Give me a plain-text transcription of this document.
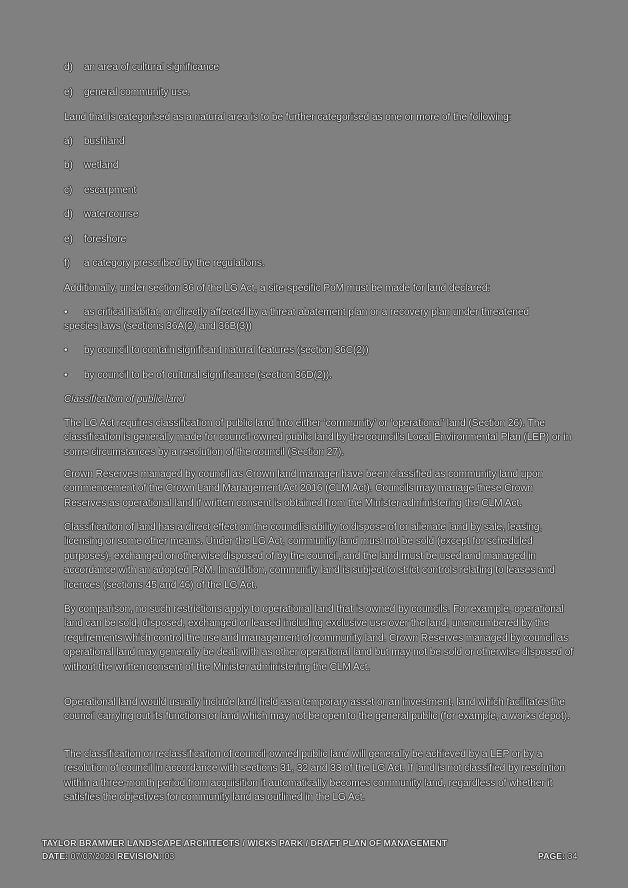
d) an area of cultural significance
e) general community use.
Land that is categorised as a natural area is to be further categorised as one or more of the following:
a) bushland
b) wetland
c) escarpment
d) watercourse
e) foreshore
f) a category prescribed by the regulations.
Additionally, under section 36 of the LG Act, a site-specific PoM must be made for land declared:
• as critical habitat, or directly affected by a threat abatement plan or a recovery plan under threatened
species laws (sections 36A(2) and 36B(3))
• by council to contain significant natural features (section 36C(2))
• by council to be of cultural significance (section 36D(2)).
Classification of public land
The LG Act requires classification of public land into either ‘community’ or ‘operational’ land (Section 26). The classification is generally made for council-owned public land by the council’s Local Environmental Plan (LEP) or in some circumstances by a resolution of the council (Section 27).
Crown Reserves managed by council as Crown land manager have been classified as community land upon commencement of the Crown Land Management Act 2016 (CLM Act). Councils may manage these Crown Reserves as operational land if written consent is obtained from the Minister administering the CLM Act.
Classification of land has a direct effect on the council’s ability to dispose of or alienate land by sale, leasing, licensing or some other means. Under the LG Act, community land must not be sold (except for scheduled purposes), exchanged or otherwise disposed of by the council, and the land must be used and managed in accordance with an adopted PoM. In addition, community land is subject to strict controls relating to leases and licences (sections 45 and 46) of the LG Act.
By comparison, no such restrictions apply to operational land that is owned by councils. For example, operational land can be sold, disposed, exchanged or leased including exclusive use over the land, unencumbered by the requirements which control the use and management of community land. Crown Reserves managed by council as operational land may generally be dealt with as other operational land but may not be sold or otherwise disposed of without the written consent of the Minister administering the CLM Act.
Operational land would usually include land held as a temporary asset or an investment, land which facilitates the council carrying out its functions or land which may not be open to the general public (for example, a works depot).
The classification or reclassification of council-owned public land will generally be achieved by a LEP or by a resolution of council in accordance with sections 31, 32 and 33 of the LG Act. If land is not classified by resolution within a three-month period from acquisition it automatically becomes community land, regardless of whether it satisfies the objectives for community land as outlined in the LG Act.
TAYLOR BRAMMER LANDSCAPE ARCHITECTS / WICKS PARK / DRAFT PLAN OF MANAGEMENT
DATE: 07/07/2023 REVISION: 03	PAGE: 34
